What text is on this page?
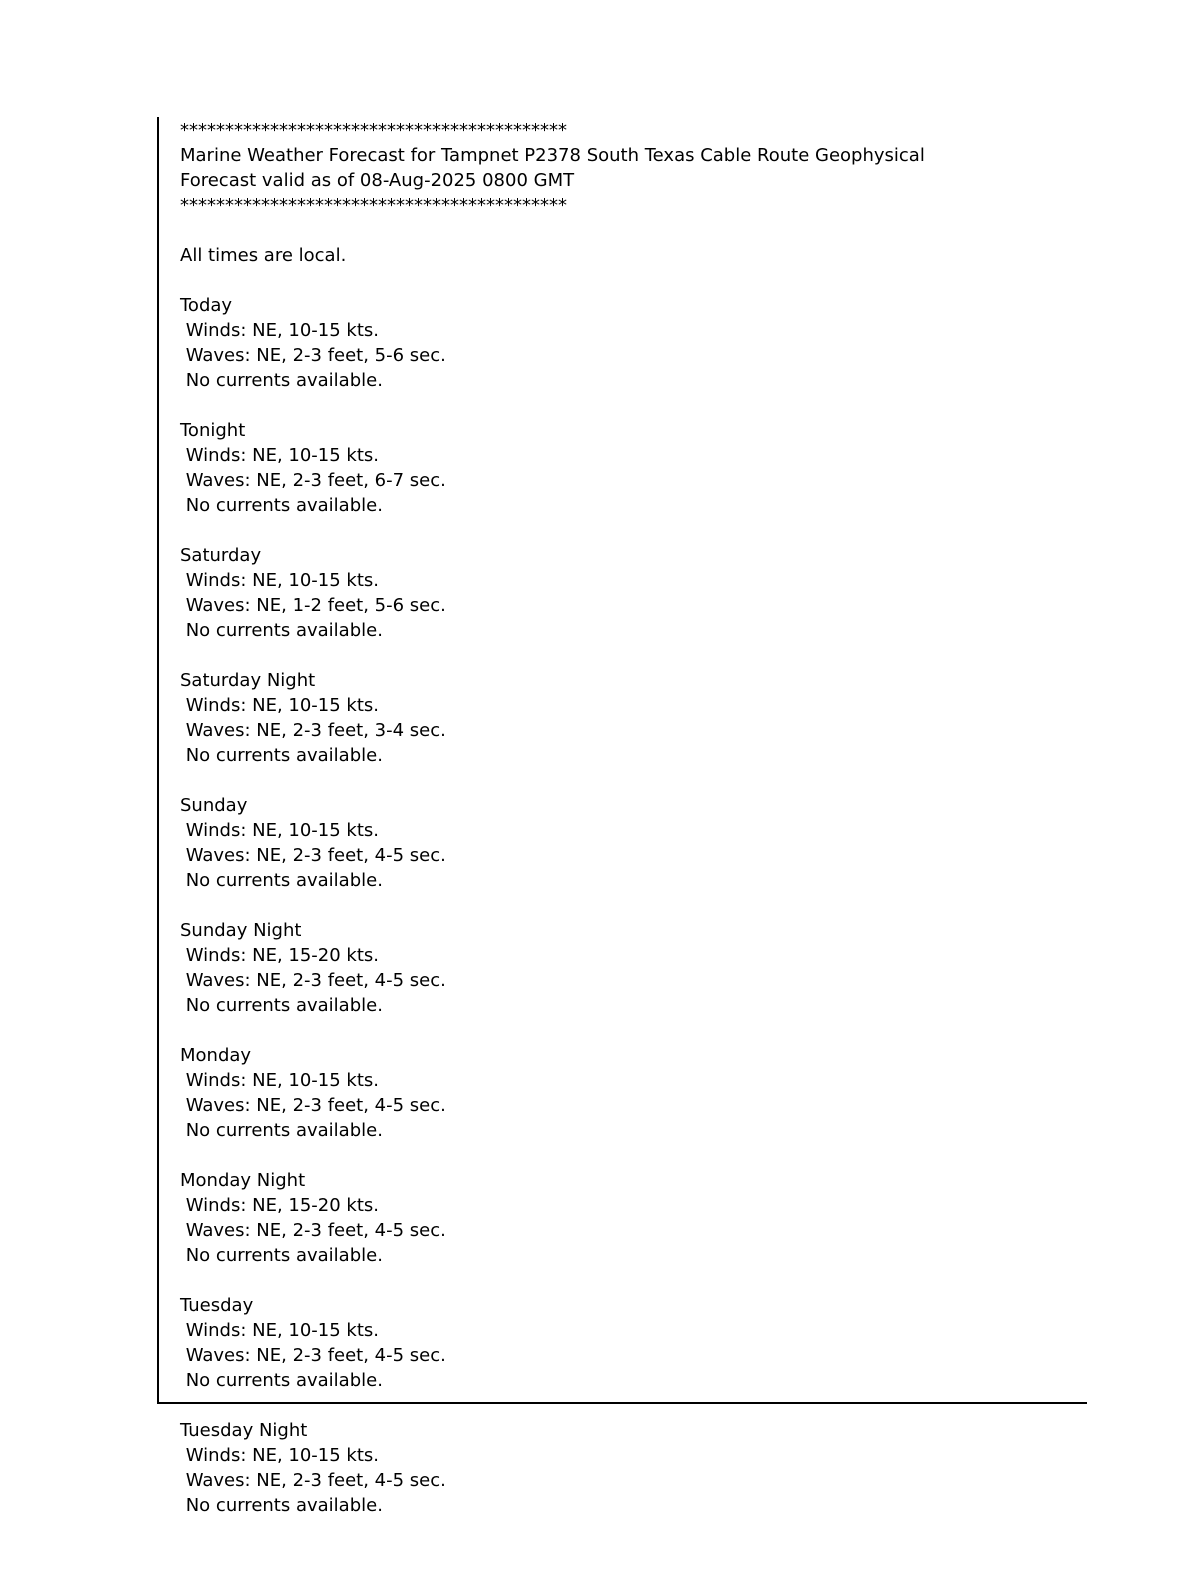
*******************************************
Marine Weather Forecast for Tampnet P2378 South Texas Cable Route Geophysical
Forecast valid as of 08-Aug-2025 0800 GMT
*******************************************
All times are local.
Today
Winds: NE, 10-15 kts.
Waves: NE, 2-3 feet, 5-6 sec.
No currents available.
Tonight
Winds: NE, 10-15 kts.
Waves: NE, 2-3 feet, 6-7 sec.
No currents available.
Saturday
Winds: NE, 10-15 kts.
Waves: NE, 1-2 feet, 5-6 sec.
No currents available.
Saturday Night
Winds: NE, 10-15 kts.
Waves: NE, 2-3 feet, 3-4 sec.
No currents available.
Sunday
Winds: NE, 10-15 kts.
Waves: NE, 2-3 feet, 4-5 sec.
No currents available.
Sunday Night
Winds: NE, 15-20 kts.
Waves: NE, 2-3 feet, 4-5 sec.
No currents available.
Monday
Winds: NE, 10-15 kts.
Waves: NE, 2-3 feet, 4-5 sec.
No currents available.
Monday Night
Winds: NE, 15-20 kts.
Waves: NE, 2-3 feet, 4-5 sec.
No currents available.
Tuesday
Winds: NE, 10-15 kts.
Waves: NE, 2-3 feet, 4-5 sec.
No currents available.
Tuesday Night
Winds: NE, 10-15 kts.
Waves: NE, 2-3 feet, 4-5 sec.
No currents available.
